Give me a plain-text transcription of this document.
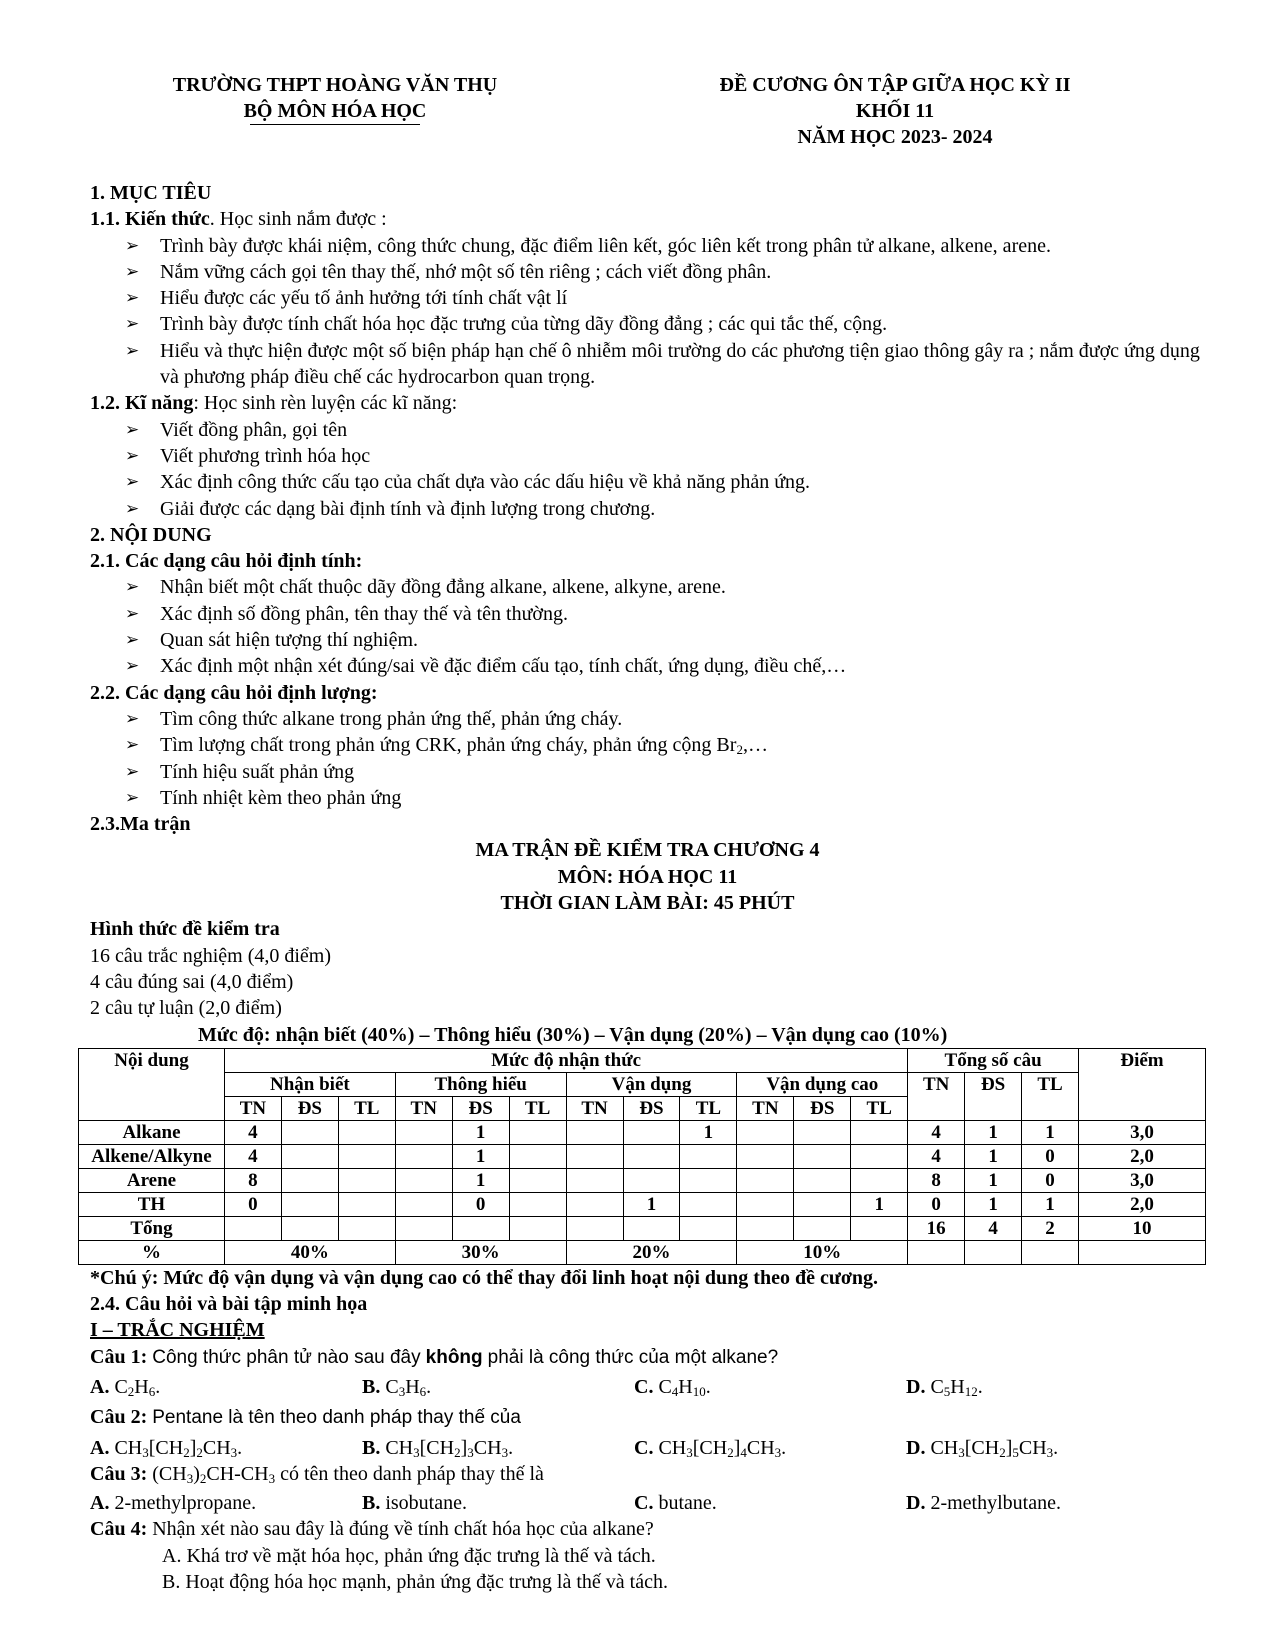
TRƯỜNG THPT HOÀNG VĂN THỤ
BỘ MÔN HÓA HỌC
ĐỀ CƯƠNG ÔN TẬP GIỮA HỌC KỲ II
KHỐI 11
NĂM HỌC 2023- 2024

1. MỤC TIÊU

1.1. Kiến thức. Học sinh nắm được :

➢ Trình bày được khái niệm, công thức chung, đặc điểm liên kết, góc liên kết trong phân tử alkane, alkene, arene.

➢ Nắm vững cách gọi tên thay thế, nhớ một số tên riêng ; cách viết đồng phân.

➢ Hiểu được các yếu tố ảnh hưởng tới tính chất vật lí

➢ Trình bày được tính chất hóa học đặc trưng của từng dãy đồng đẳng ; các qui tắc thế, cộng.

➢ Hiểu và thực hiện được một số biện pháp hạn chế ô nhiễm môi trường do các phương tiện giao thông gây ra ; nắm được ứng dụng và phương pháp điều chế các hydrocarbon quan trọng.

1.2. Kĩ năng: Học sinh rèn luyện các kĩ năng:

➢ Viết đồng phân, gọi tên

➢ Viết phương trình hóa học

➢ Xác định công thức cấu tạo của chất dựa vào các dấu hiệu về khả năng phản ứng.

➢ Giải được các dạng bài định tính và định lượng trong chương.

2. NỘI DUNG

2.1. Các dạng câu hỏi định tính:

➢ Nhận biết một chất thuộc dãy đồng đẳng alkane, alkene, alkyne, arene.

➢ Xác định số đồng phân, tên thay thế và tên thường.

➢ Quan sát hiện tượng thí nghiệm.

➢ Xác định một nhận xét đúng/sai về đặc điểm cấu tạo, tính chất, ứng dụng, điều chế,…

2.2. Các dạng câu hỏi định lượng:

➢ Tìm công thức alkane trong phản ứng thế, phản ứng cháy.

➢ Tìm lượng chất trong phản ứng CRK, phản ứng cháy, phản ứng cộng $Br_2,\dots$

➢ Tính hiệu suất phản ứng

➢ Tính nhiệt kèm theo phản ứng

2.3.Ma trận

MA TRẬN ĐỀ KIỂM TRA CHƯƠNG 4

MÔN: HÓA HỌC 11

THỜI GIAN LÀM BÀI: 45 PHÚT

Hình thức đề kiểm tra

16 câu trắc nghiệm (4,0 điểm)

4 câu đúng sai (4,0 điểm)

2 câu tự luận (2,0 điểm)

Mức độ: nhận biết (40%) – Thông hiểu (30%) – Vận dụng (20%) – Vận dụng cao (10%)

Nội dung	Mức độ nhận thức												Tổng số câu			Điểm
	Nhận biết			Thông hiểu			Vận dụng			Vận dụng cao			TN	ĐS	TL	
	TN	ĐS	TL	TN	ĐS	TL	TN	ĐS	TL	TN	ĐS	TL				
Alkane	4				1				1				4	1	1	3,0
Alkene/Alkyne	4				1								4	1	0	2,0
Arene	8				1								8	1	0	3,0
TH	0				0			1				1	0	1	1	2,0
Tổng													16	4	2	10
%	40%			30%			20%			10%						

*Chú ý: Mức độ vận dụng và vận dụng cao có thể thay đổi linh hoạt nội dung theo đề cương.

2.4. Câu hỏi và bài tập minh họa

I – TRẮC NGHIỆM

Câu 1: Công thức phân tử nào sau đây không phải là công thức của một alkane?

A. $C_2H_6$.	B. $C_3H_6$.	C. $C_4H_{10}$.	D. $C_5H_{12}$.

Câu 2: Pentane là tên theo danh pháp thay thế của

A. $CH_3[CH_2]_2CH_3$.	B. $CH_3[CH_2]_3CH_3$.	C. $CH_3[CH_2]_4CH_3$.	D. $CH_3[CH_2]_5CH_3$.

Câu 3: $(CH_3)_2CH-CH_3$ có tên theo danh pháp thay thế là

A. 2-methylpropane.	B. isobutane.	C. butane.	D. 2-methylbutane.

Câu 4: Nhận xét nào sau đây là đúng về tính chất hóa học của alkane?

A. Khá trơ về mặt hóa học, phản ứng đặc trưng là thế và tách.

B. Hoạt động hóa học mạnh, phản ứng đặc trưng là thế và tách.
